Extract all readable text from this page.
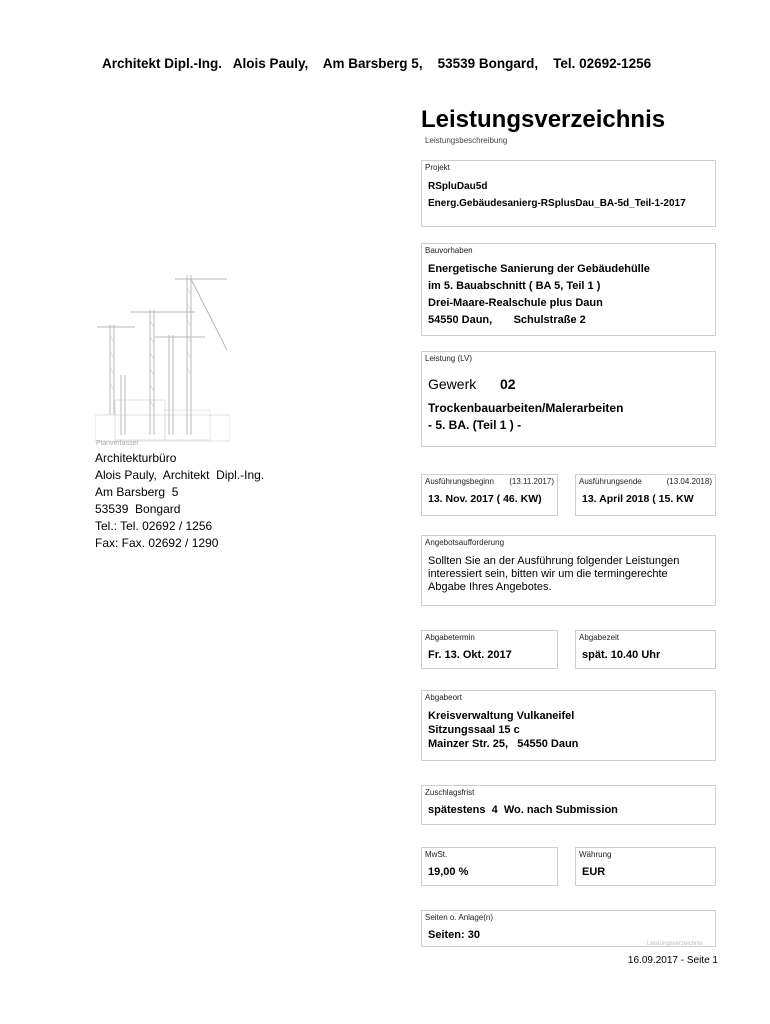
Architekt Dipl.-Ing.   Alois Pauly,    Am Barsberg 5,    53539 Bongard,    Tel. 02692-1256
Leistungsverzeichnis
Leistungsbeschreibung
Projekt
RSpluDau5d
Energ.Gebäudesanierg-RSplusDau_BA-5d_Teil-1-2017
Bauvorhaben
Energetische Sanierung der Gebäudehülle
im 5. Bauabschnitt ( BA 5, Teil 1 )
Drei-Maare-Realschule plus Daun
54550 Daun,       Schulstraße 2
Leistung (LV)
Gewerk 02
Trockenbauarbeiten/Malerarbeiten
- 5. BA. (Teil 1 ) -
Planverfasser
Architekturbüro
Alois Pauly,  Architekt  Dipl.-Ing.
Am Barsberg  5
53539  Bongard
Tel.: Tel. 02692 / 1256
Fax: Fax. 02692 / 1290
Ausführungsbeginn (13.11.2017)
13. Nov. 2017 ( 46. KW)
Ausführungsende	(13.04.2018)
13. April 2018 ( 15. KW
Angebotsaufforderung
Sollten Sie an der Ausführung folgender Leistungen
interessiert sein, bitten wir um die termingerechte
Abgabe Ihres Angebotes.
Abgabetermin
Fr. 13. Okt. 2017
Abgabezeit
spät. 10.40 Uhr
Abgabeort
Kreisverwaltung Vulkaneifel
Sitzungssaal 15 c
Mainzer Str. 25,   54550 Daun
Zuschlagsfrist
spätestens  4  Wo. nach Submission
MwSt.
19,00 %
Währung
EUR
Seiten o. Anlage(n)
Seiten: 30
Leistungsverzeichnis
16.09.2017 - Seite 1
